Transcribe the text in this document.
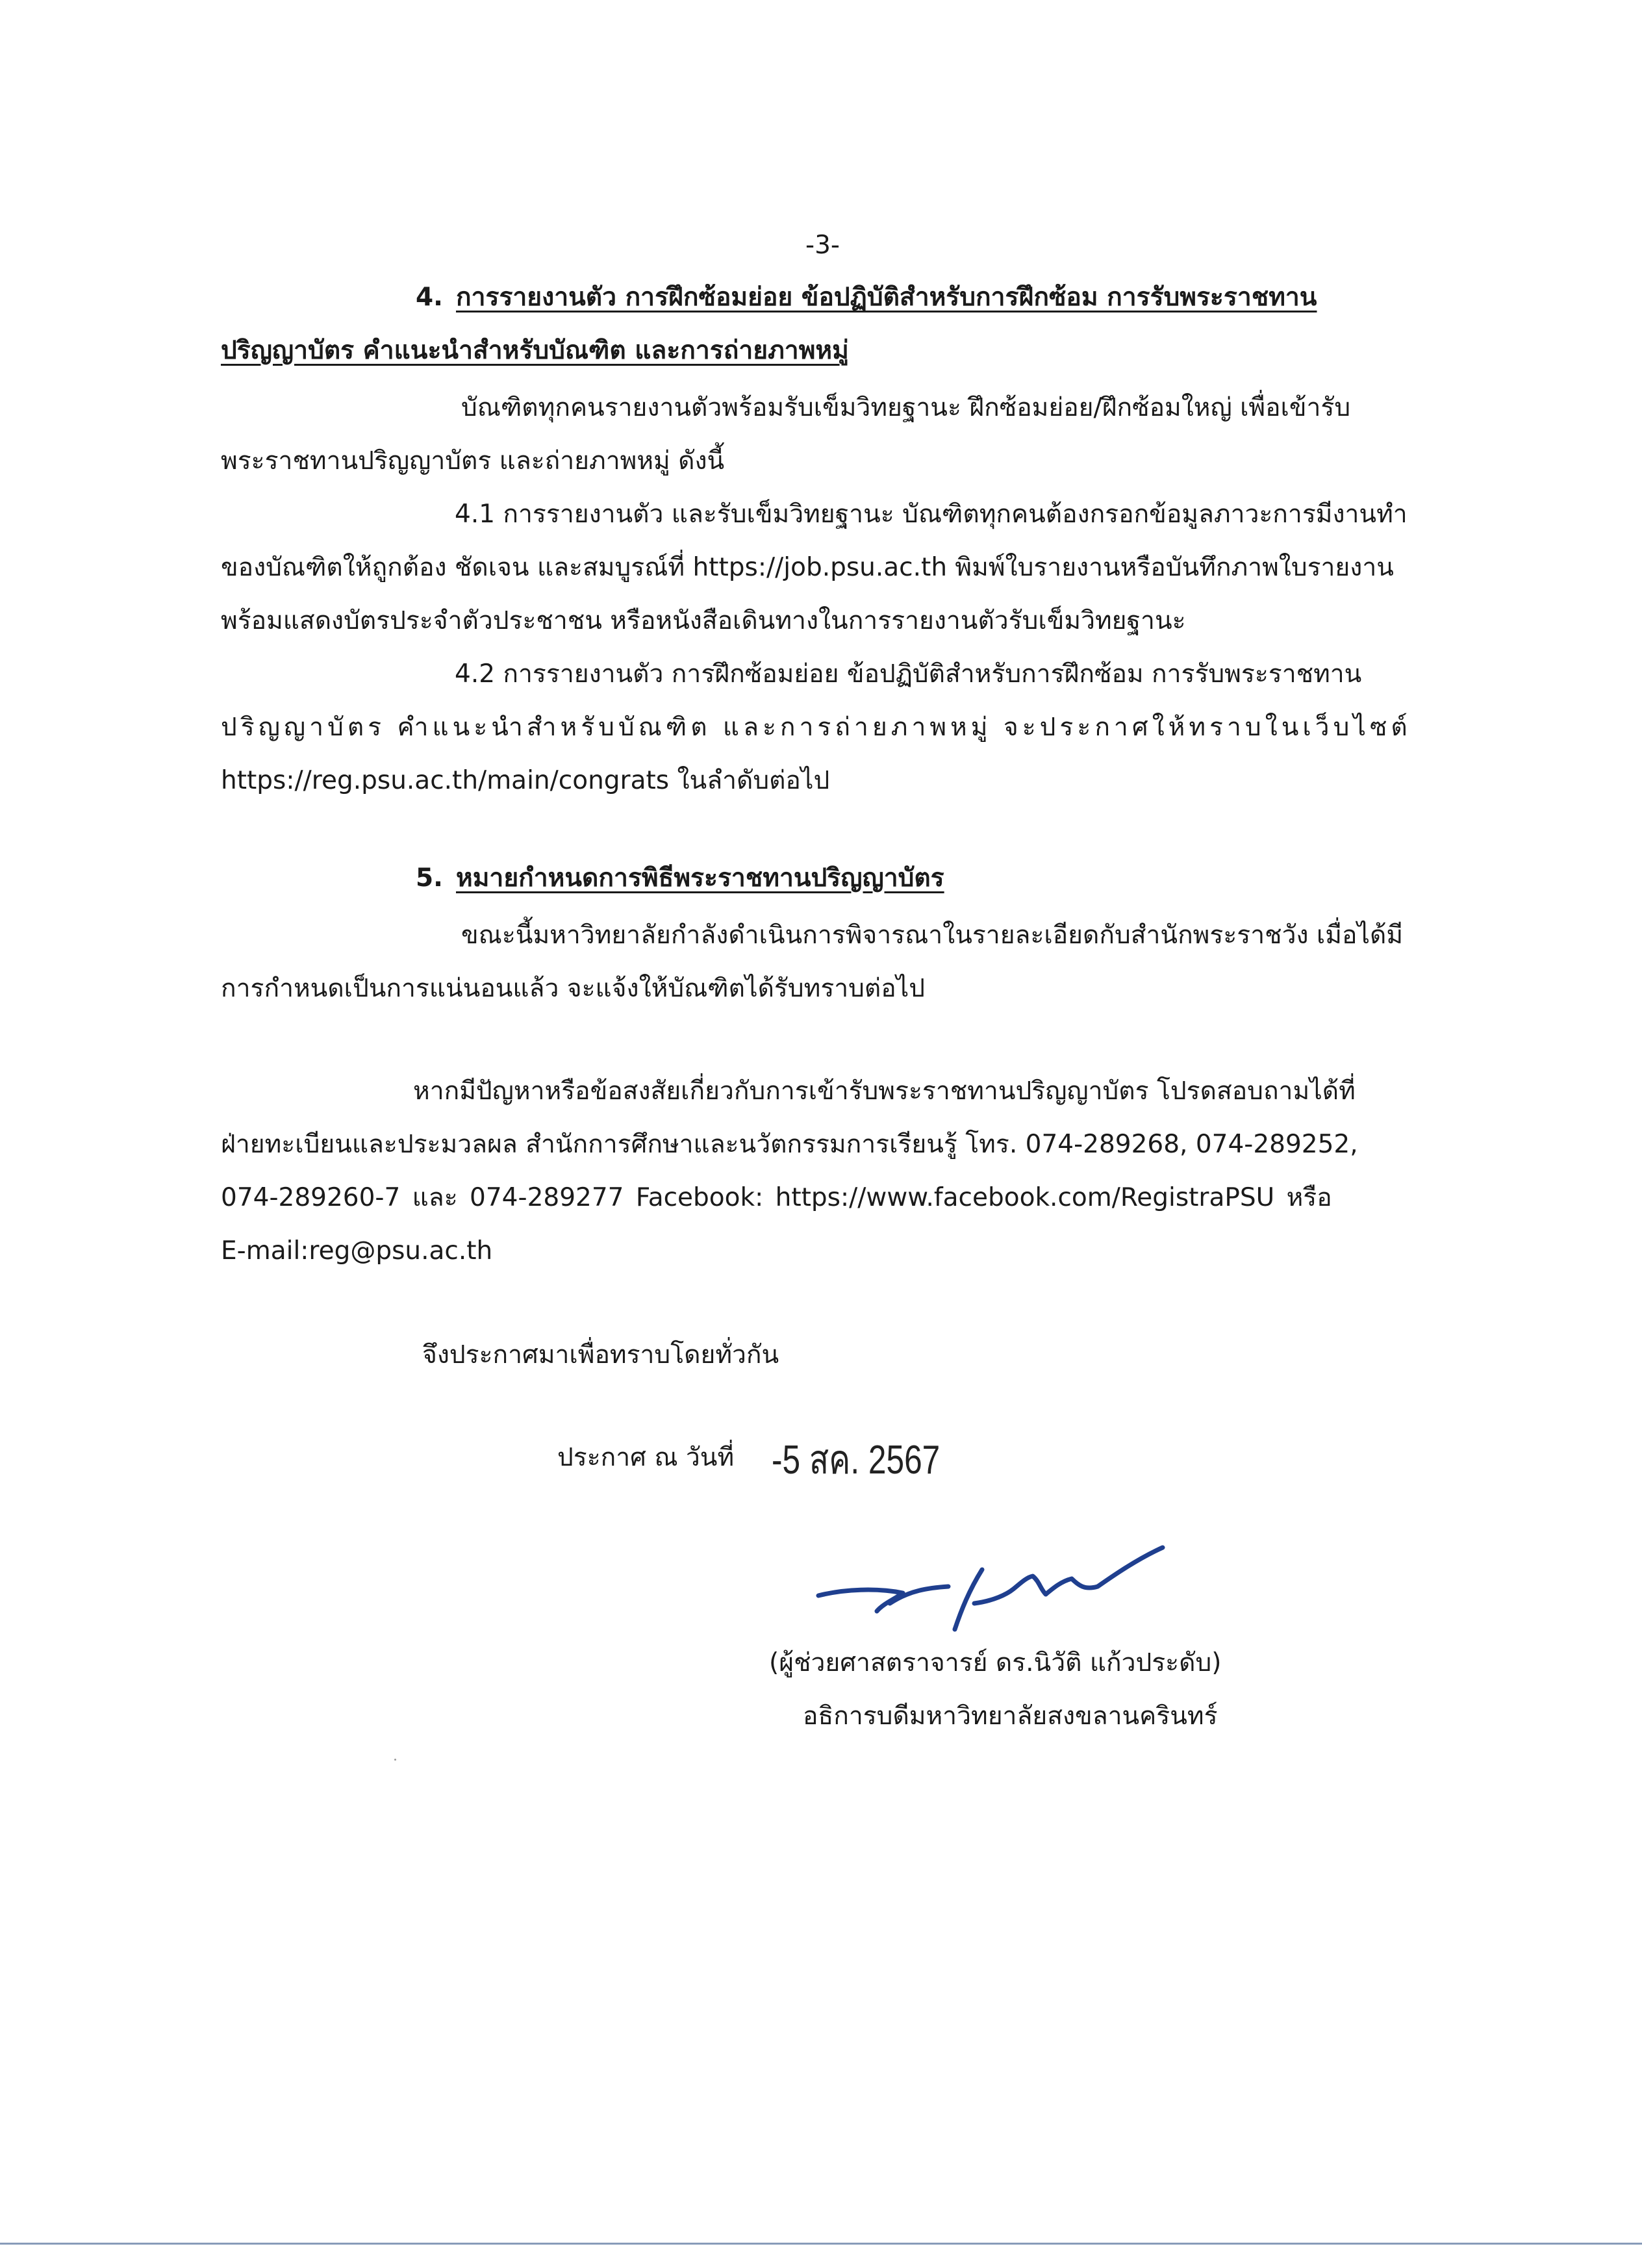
-3-
4. การรายงานตัว การฝึกซ้อมย่อย ข้อปฏิบัติสำหรับการฝึกซ้อม การรับพระราชทาน
ปริญญาบัตร คำแนะนำสำหรับบัณฑิต และการถ่ายภาพหมู่
บัณฑิตทุกคนรายงานตัวพร้อมรับเข็มวิทยฐานะ ฝึกซ้อมย่อย/ฝึกซ้อมใหญ่ เพื่อเข้ารับ
พระราชทานปริญญาบัตร และถ่ายภาพหมู่ ดังนี้
4.1 การรายงานตัว และรับเข็มวิทยฐานะ บัณฑิตทุกคนต้องกรอกข้อมูลภาวะการมีงานทำ
ของบัณฑิตให้ถูกต้อง ชัดเจน และสมบูรณ์ที่ https://job.psu.ac.th พิมพ์ใบรายงานหรือบันทึกภาพใบรายงาน
พร้อมแสดงบัตรประจำตัวประชาชน หรือหนังสือเดินทางในการรายงานตัวรับเข็มวิทยฐานะ
4.2 การรายงานตัว การฝึกซ้อมย่อย ข้อปฏิบัติสำหรับการฝึกซ้อม การรับพระราชทาน
ปริญญาบัตร คำแนะนำสำหรับบัณฑิต และการถ่ายภาพหมู่ จะประกาศให้ทราบในเว็บไซต์
https://reg.psu.ac.th/main/congrats ในลำดับต่อไป
5. หมายกำหนดการพิธีพระราชทานปริญญาบัตร
ขณะนี้มหาวิทยาลัยกำลังดำเนินการพิจารณาในรายละเอียดกับสำนักพระราชวัง เมื่อได้มี
การกำหนดเป็นการแน่นอนแล้ว จะแจ้งให้บัณฑิตได้รับทราบต่อไป
หากมีปัญหาหรือข้อสงสัยเกี่ยวกับการเข้ารับพระราชทานปริญญาบัตร โปรดสอบถามได้ที่
ฝ่ายทะเบียนและประมวลผล สำนักการศึกษาและนวัตกรรมการเรียนรู้ โทร. 074-289268, 074-289252,
074-289260-7 และ 074-289277 Facebook: https://www.facebook.com/RegistraPSU หรือ
E-mail:reg@psu.ac.th
จึงประกาศมาเพื่อทราบโดยทั่วกัน
ประกาศ ณ วันที่ -5 สค. 2567
(ผู้ช่วยศาสตราจารย์ ดร.นิวัติ แก้วประดับ)
อธิการบดีมหาวิทยาลัยสงขลานครินทร์
